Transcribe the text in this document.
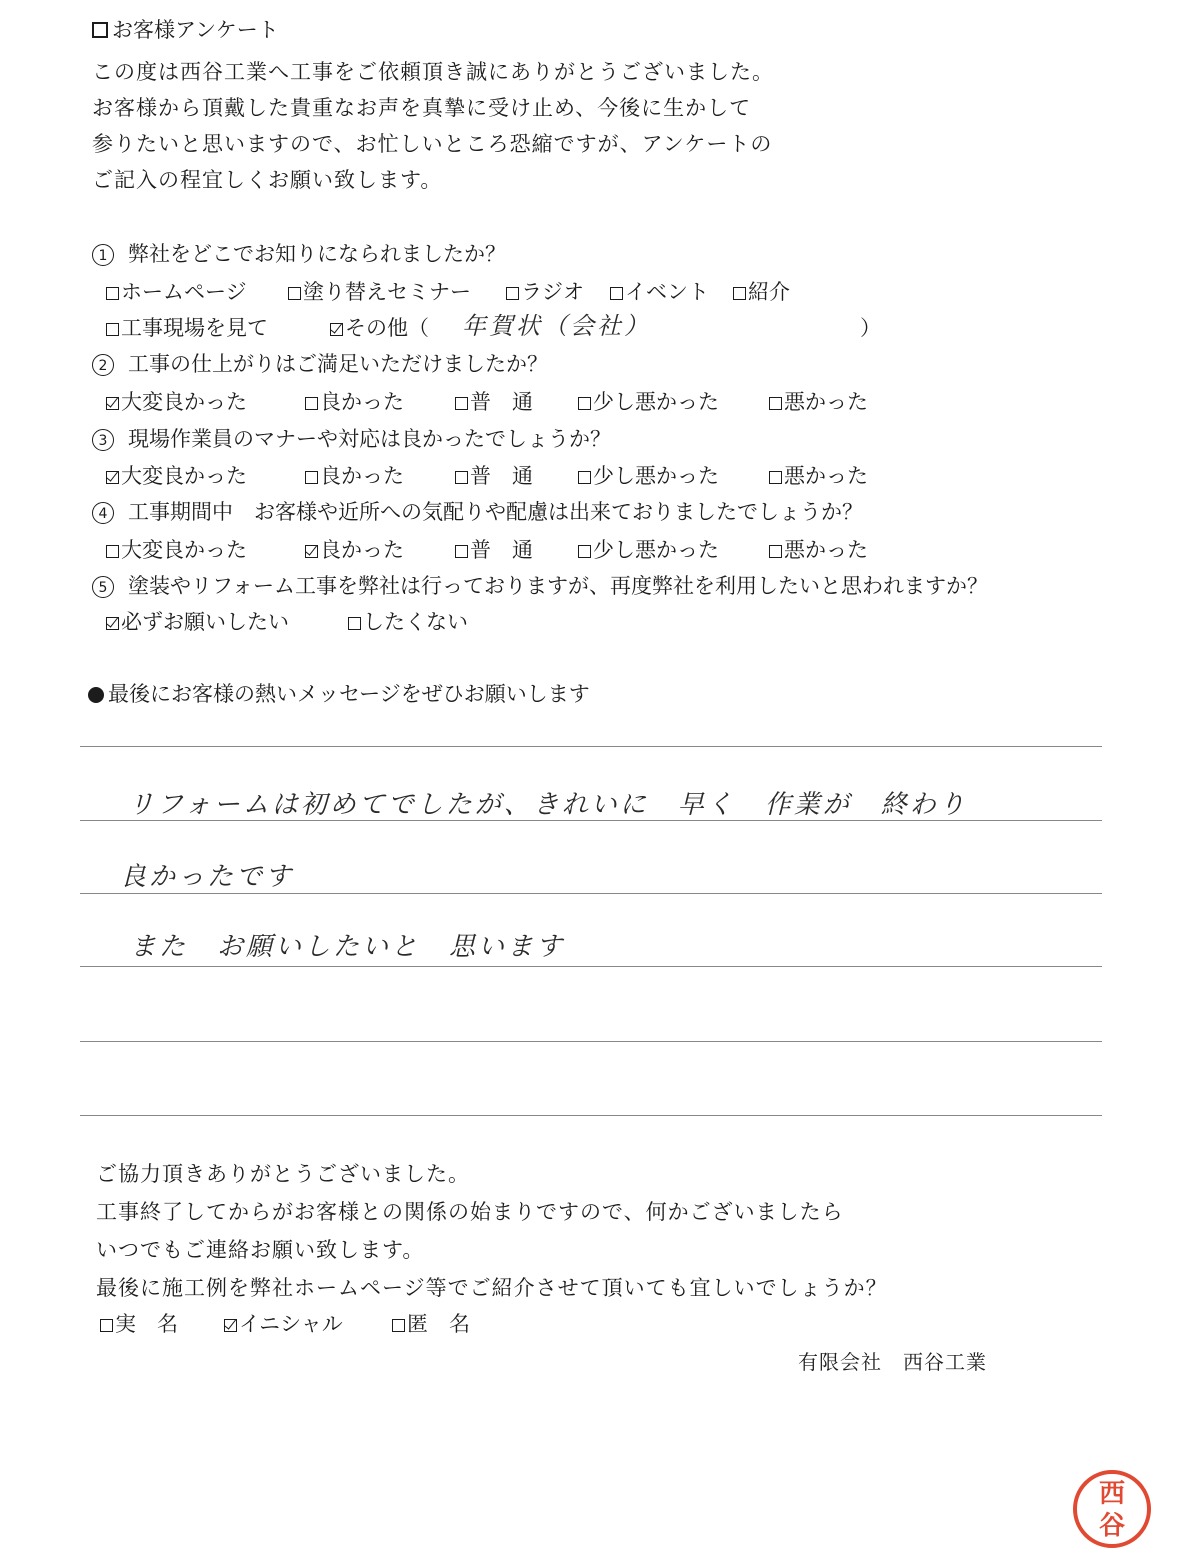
お客様アンケート
この度は西谷工業へ工事をご依頼頂き誠にありがとうございました。
お客様から頂戴した貴重なお声を真摯に受け止め、今後に生かして
参りたいと思いますので、お忙しいところ恐縮ですが、アンケートの
ご記入の程宜しくお願い致します。
1 弊社をどこでお知りになられましたか？
ホームページ	塗り替えセミナー	ラジオ	イベント	紹介
工事現場を見て	その他（ 年賀状（会社）	）
2 工事の仕上がりはご満足いただけましたか？
大変良かった	良かった	普　通	少し悪かった	悪かった
3 現場作業員のマナーや対応は良かったでしょうか？
大変良かった	良かった	普　通	少し悪かった	悪かった
4 工事期間中　お客様や近所への気配りや配慮は出来ておりましたでしょうか？
大変良かった	良かった	普　通	少し悪かった	悪かった
5 塗装やリフォーム工事を弊社は行っておりますが、再度弊社を利用したいと思われますか？
必ずお願いしたい	したくない
最後にお客様の熱いメッセージをぜひお願いします
リフォームは初めてでしたが、きれいに　早く　作業が　終わり
良かったです
また　お願いしたいと　思います
ご協力頂きありがとうございました。
工事終了してからがお客様との関係の始まりですので、何かございましたら
いつでもご連絡お願い致します。
最後に施工例を弊社ホームページ等でご紹介させて頂いても宜しいでしょうか？
実　名	イニシャル	匿　名
有限会社　西谷工業
西
谷
